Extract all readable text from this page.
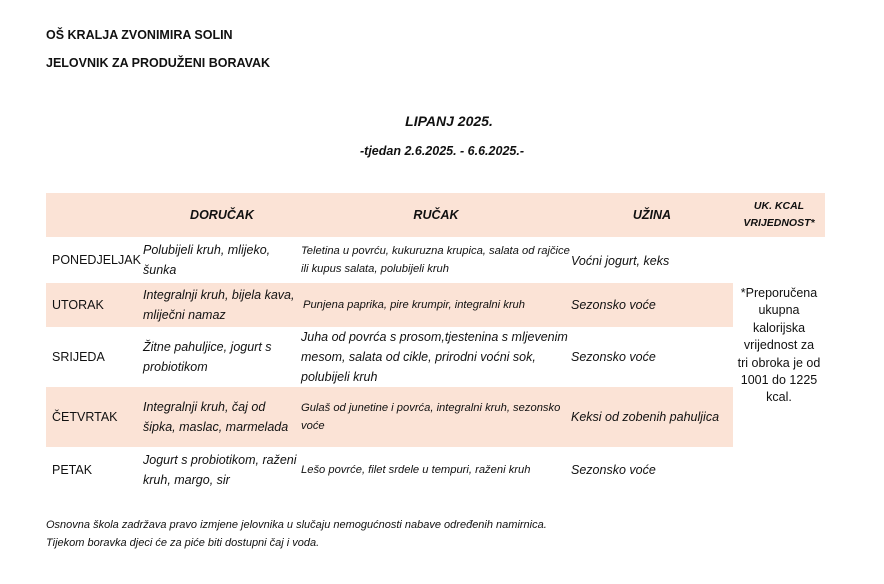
OŠ KRALJA ZVONIMIRA SOLIN
JELOVNIK ZA PRODUŽENI BORAVAK
LIPANJ 2025.
-tjedan 2.6.2025. - 6.6.2025.-
	DORUČAK	RUČAK	UŽINA	UK. KCAL
VRIJEDNOST*

PONEDJELJAK	Polubijeli kruh, mlijeko, šunka	Teletina u povrću, kukuruzna krupica, salata od rajčice ili kupus salata, polubijeli kruh	Voćni jogurt, keks	*Preporučena ukupna kalorijska vrijednost za tri obroka je od 1001 do 1225 kcal.
UTORAK	Integralnji kruh, bijela kava, mliječni namaz	Punjena paprika, pire krumpir, integralni kruh	Sezonsko voće	
SRIJEDA	Žitne pahuljice, jogurt s probiotikom	Juha od povrća s prosom,tjestenina s mljevenim mesom, salata od cikle, prirodni voćni sok, polubijeli kruh	Sezonsko voće	
ČETVRTAK	Integralnji kruh, čaj od šipka, maslac, marmelada	Gulaš od junetine i povrća, integralni kruh, sezonsko voće	Keksi od zobenih pahuljica	
PETAK	Jogurt s probiotikom, raženi kruh, margo, sir	Lešo povrće, filet srdele u tempuri, raženi kruh	Sezonsko voće	
Osnovna škola zadržava pravo izmjene jelovnika u slučaju nemogućnosti nabave određenih namirnica.
Tijekom boravka djeci će za piće biti dostupni čaj i voda.
